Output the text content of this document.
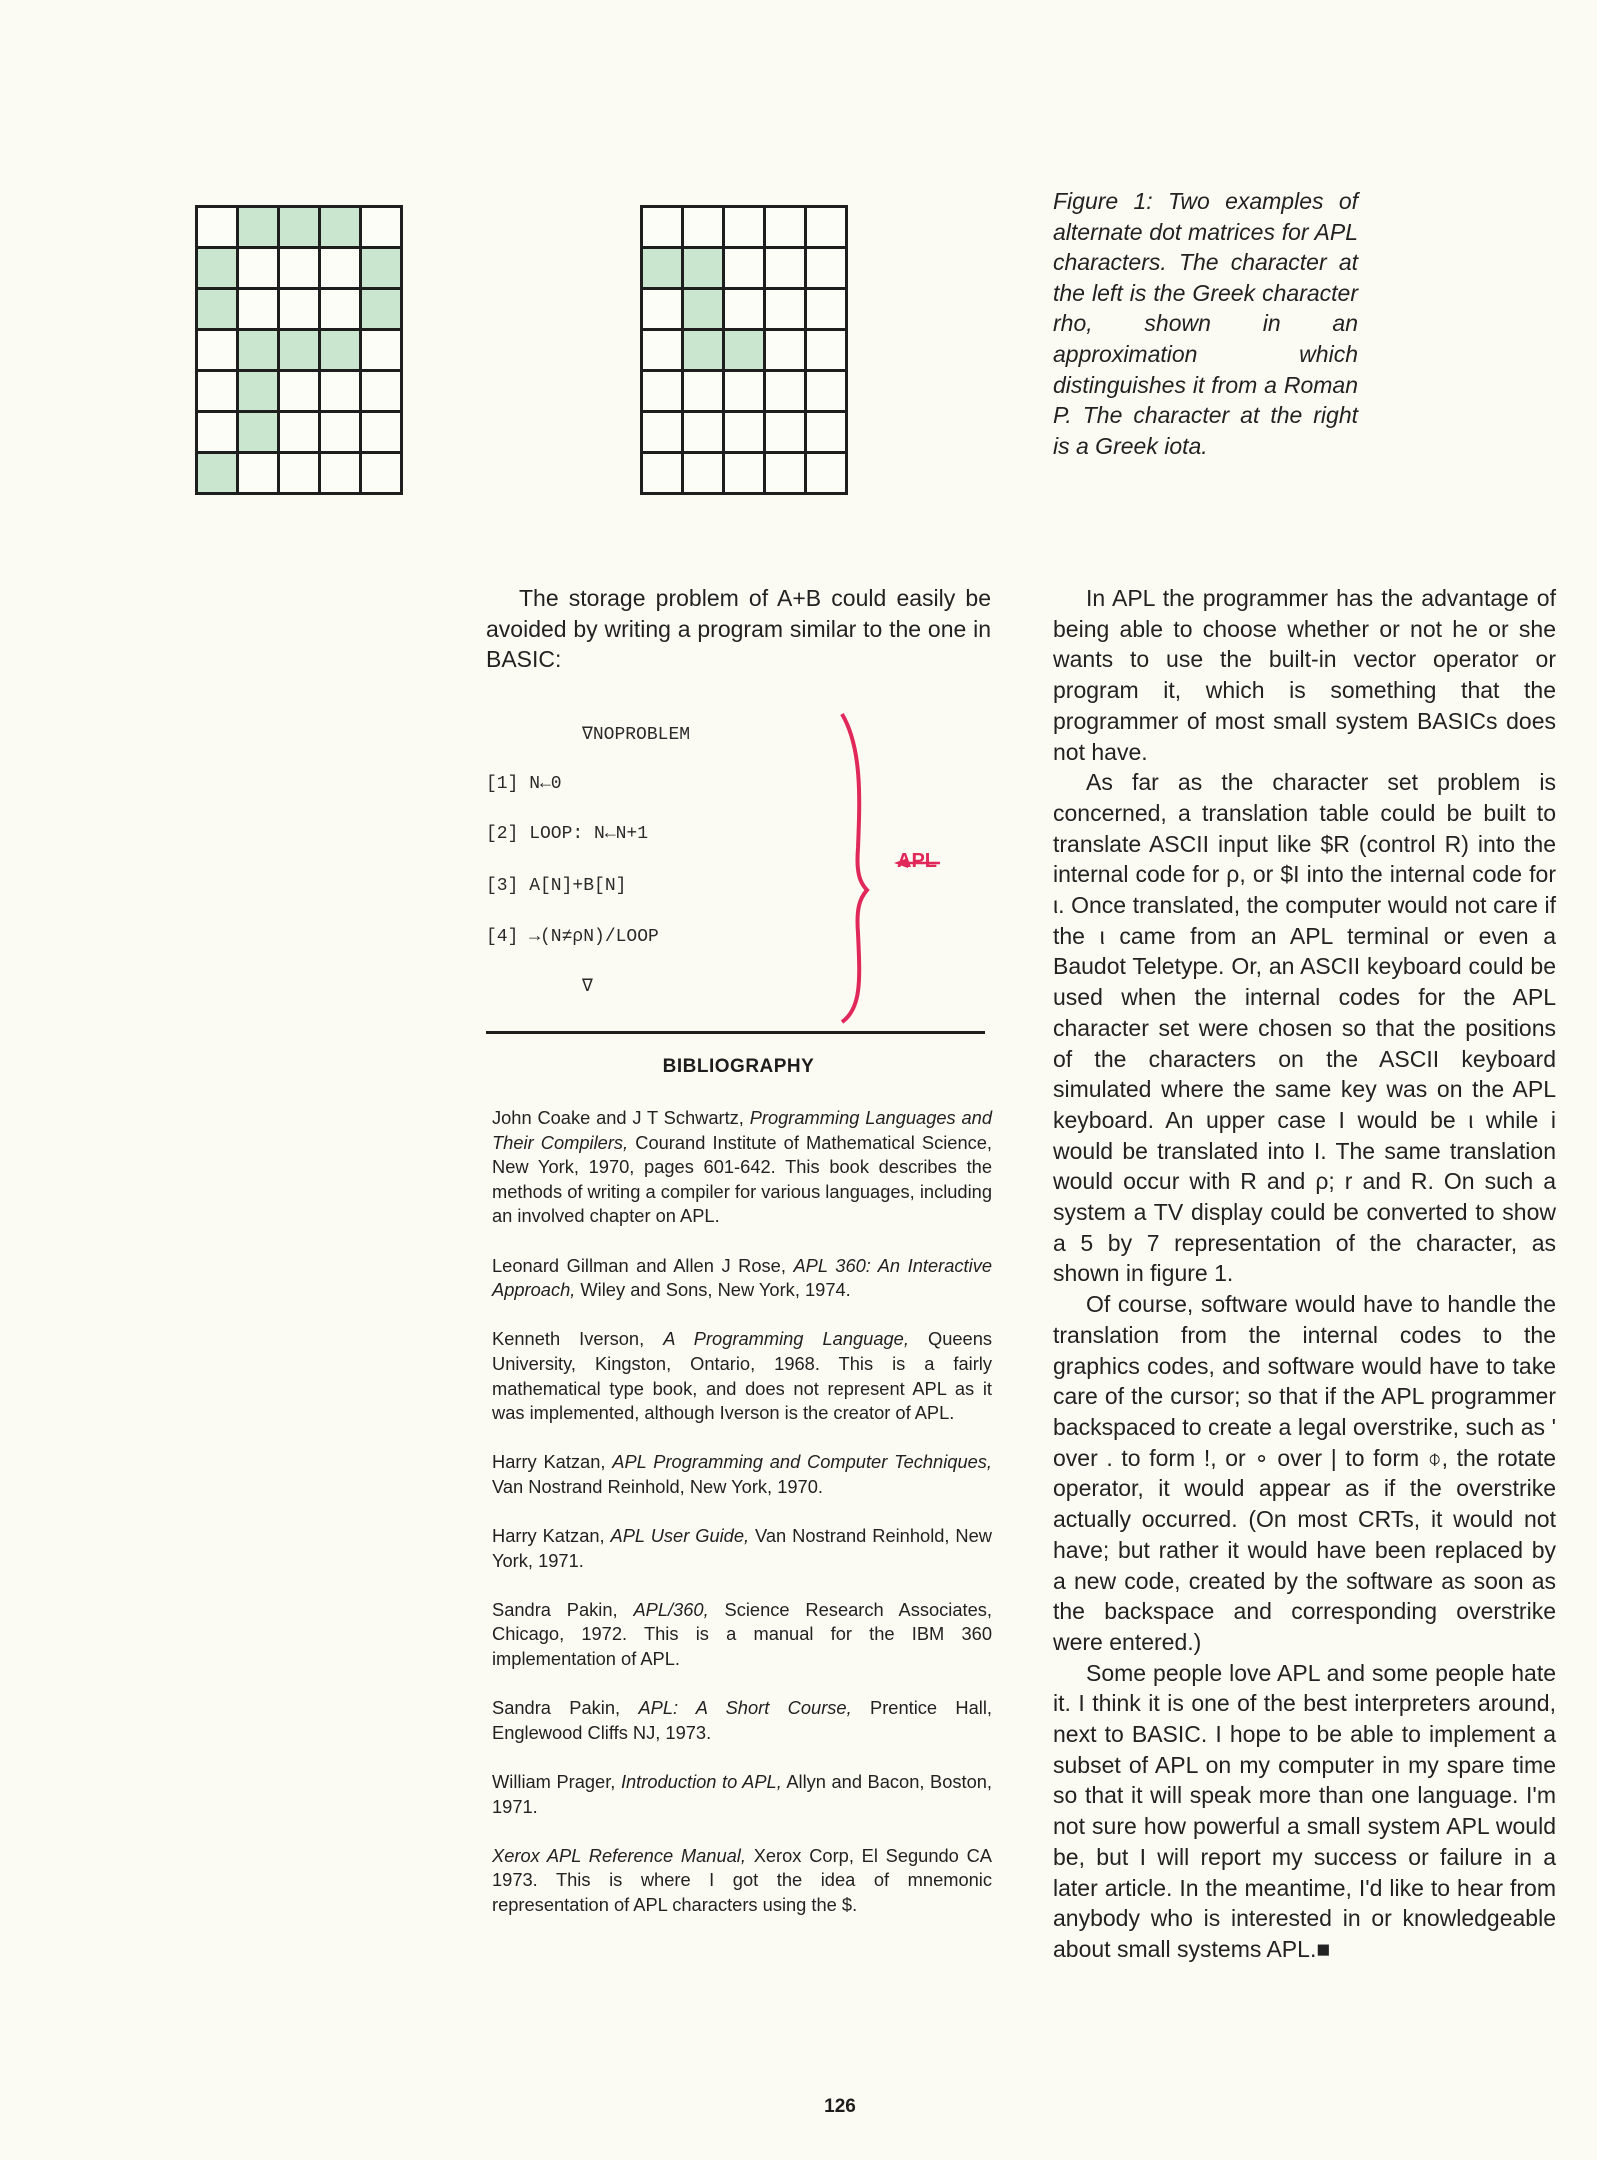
Figure 1: Two examples of alternate dot matrices for APL characters. The character at the left is the Greek character rho, shown in an approximation which distinguishes it from a Roman P. The character at the right is a Greek iota.

The storage problem of A+B could easily be avoided by writing a program similar to the one in BASIC:

∇NOPROBLEM
[1] N←0
[2] LOOP: N←N+1
[3] A[N]+B[N]
[4] →(N≠ρN)/LOOP
∇
APL
BIBLIOGRAPHY

John Coake and J T Schwartz, Programming Languages and Their Compilers, Courand Institute of Mathematical Science, New York, 1970, pages 601-642. This book describes the methods of writing a compiler for various languages, including an involved chapter on APL.

Leonard Gillman and Allen J Rose, APL 360: An Interactive Approach, Wiley and Sons, New York, 1974.

Kenneth Iverson, A Programming Language, Queens University, Kingston, Ontario, 1968. This is a fairly mathematical type book, and does not represent APL as it was implemented, although Iverson is the creator of APL.

Harry Katzan, APL Programming and Computer Techniques, Van Nostrand Reinhold, New York, 1970.

Harry Katzan, APL User Guide, Van Nostrand Reinhold, New York, 1971.

Sandra Pakin, APL/360, Science Research Associates, Chicago, 1972. This is a manual for the IBM 360 implementation of APL.

Sandra Pakin, APL: A Short Course, Prentice Hall, Englewood Cliffs NJ, 1973.

William Prager, Introduction to APL, Allyn and Bacon, Boston, 1971.

Xerox APL Reference Manual, Xerox Corp, El Segundo CA 1973. This is where I got the idea of mnemonic representation of APL characters using the $.

In APL the programmer has the advantage of being able to choose whether or not he or she wants to use the built-in vector operator or program it, which is something that the programmer of most small system BASICs does not have.

As far as the character set problem is concerned, a translation table could be built to translate ASCII input like $R (control R) into the internal code for ρ, or $I into the internal code for ι. Once translated, the computer would not care if the ι came from an APL terminal or even a Baudot Teletype. Or, an ASCII keyboard could be used when the internal codes for the APL character set were chosen so that the positions of the characters on the ASCII keyboard simulated where the same key was on the APL keyboard. An upper case I would be ι while i would be translated into I. The same translation would occur with R and ρ; r and R. On such a system a TV display could be converted to show a 5 by 7 representation of the character, as shown in figure 1.

Of course, software would have to handle the translation from the internal codes to the graphics codes, and software would have to take care of the cursor; so that if the APL programmer backspaced to create a legal overstrike, such as ' over . to form !, or ∘ over | to form ⌽, the rotate operator, it would appear as if the overstrike actually occurred. (On most CRTs, it would not have; but rather it would have been replaced by a new code, created by the software as soon as the backspace and corresponding overstrike were entered.)

Some people love APL and some people hate it. I think it is one of the best interpreters around, next to BASIC. I hope to be able to implement a subset of APL on my computer in my spare time so that it will speak more than one language. I'm not sure how powerful a small system APL would be, but I will report my success or failure in a later article. In the meantime, I'd like to hear from anybody who is interested in or knowledgeable about small systems APL.■

126
